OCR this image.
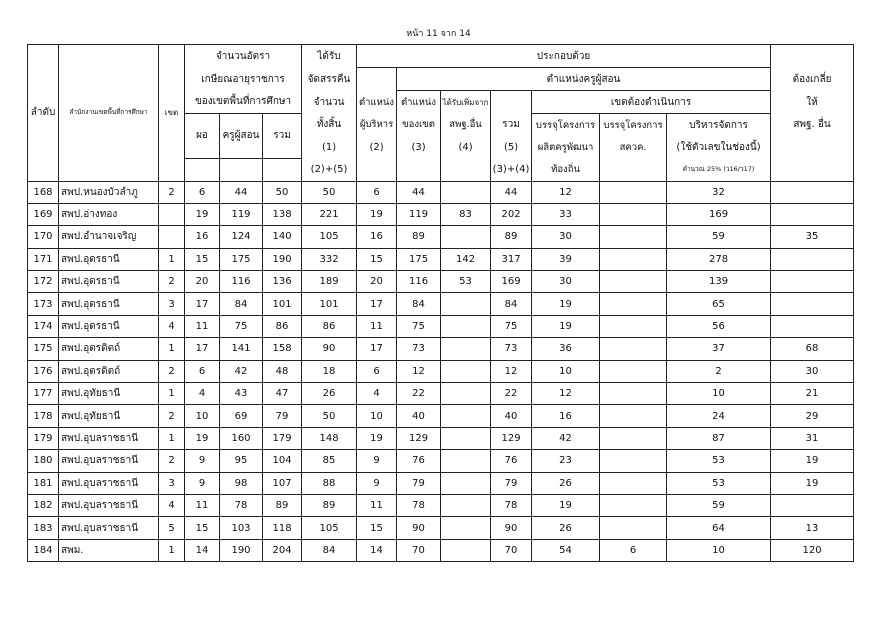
หน้า 11 จาก 14
ลำดับ	สำนักงานเขตพื้นที่การศึกษา	เขต	จำนวนอัตรา			ได้รับ	ประกอบด้วย							
			เกษียณอายุราชการ			จัดสรรคืน		ตำแหน่งครูผู้สอน						ต้องเกลี่ย
			ของเขตพื้นที่การศึกษา			จำนวน	ตำแหน่ง	ตำแหน่ง	ได้รับเพิ่มจาก		เขตต้องดำเนินการ			ให้
			ผอ	ครูผู้สอน	รวม	ทั้งสิ้น	ผู้บริหาร	ของเขต	สพฐ.อื่น	รวม	บรรจุโครงการ	บรรจุโครงการ	บริหารจัดการ	สพฐ. อื่น
						(1)	(2)	(3)	(4)	(5)	ผลิตครูพัฒนา	สควค.	(ใช้ตัวเลขในช่องนี้)	
						(2)+(5)				(3)+(4)	ท้องถิ่น		คำนวณ 25% (ว16/ว17)	
168	สพป.หนองบัวลำภู	2	6	44	50	50	6	44		44	12		32	
169	สพป.อ่างทอง		19	119	138	221	19	119	83	202	33		169	
170	สพป.อำนาจเจริญ		16	124	140	105	16	89		89	30		59	35
171	สพป.อุดรธานี	1	15	175	190	332	15	175	142	317	39		278	
172	สพป.อุดรธานี	2	20	116	136	189	20	116	53	169	30		139	
173	สพป.อุดรธานี	3	17	84	101	101	17	84		84	19		65	
174	สพป.อุดรธานี	4	11	75	86	86	11	75		75	19		56	
175	สพป.อุตรดิตถ์	1	17	141	158	90	17	73		73	36		37	68
176	สพป.อุตรดิตถ์	2	6	42	48	18	6	12		12	10		2	30
177	สพป.อุทัยธานี	1	4	43	47	26	4	22		22	12		10	21
178	สพป.อุทัยธานี	2	10	69	79	50	10	40		40	16		24	29
179	สพป.อุบลราชธานี	1	19	160	179	148	19	129		129	42		87	31
180	สพป.อุบลราชธานี	2	9	95	104	85	9	76		76	23		53	19
181	สพป.อุบลราชธานี	3	9	98	107	88	9	79		79	26		53	19
182	สพป.อุบลราชธานี	4	11	78	89	89	11	78		78	19		59	
183	สพป.อุบลราชธานี	5	15	103	118	105	15	90		90	26		64	13
184	สพม.	1	14	190	204	84	14	70		70	54	6	10	120
